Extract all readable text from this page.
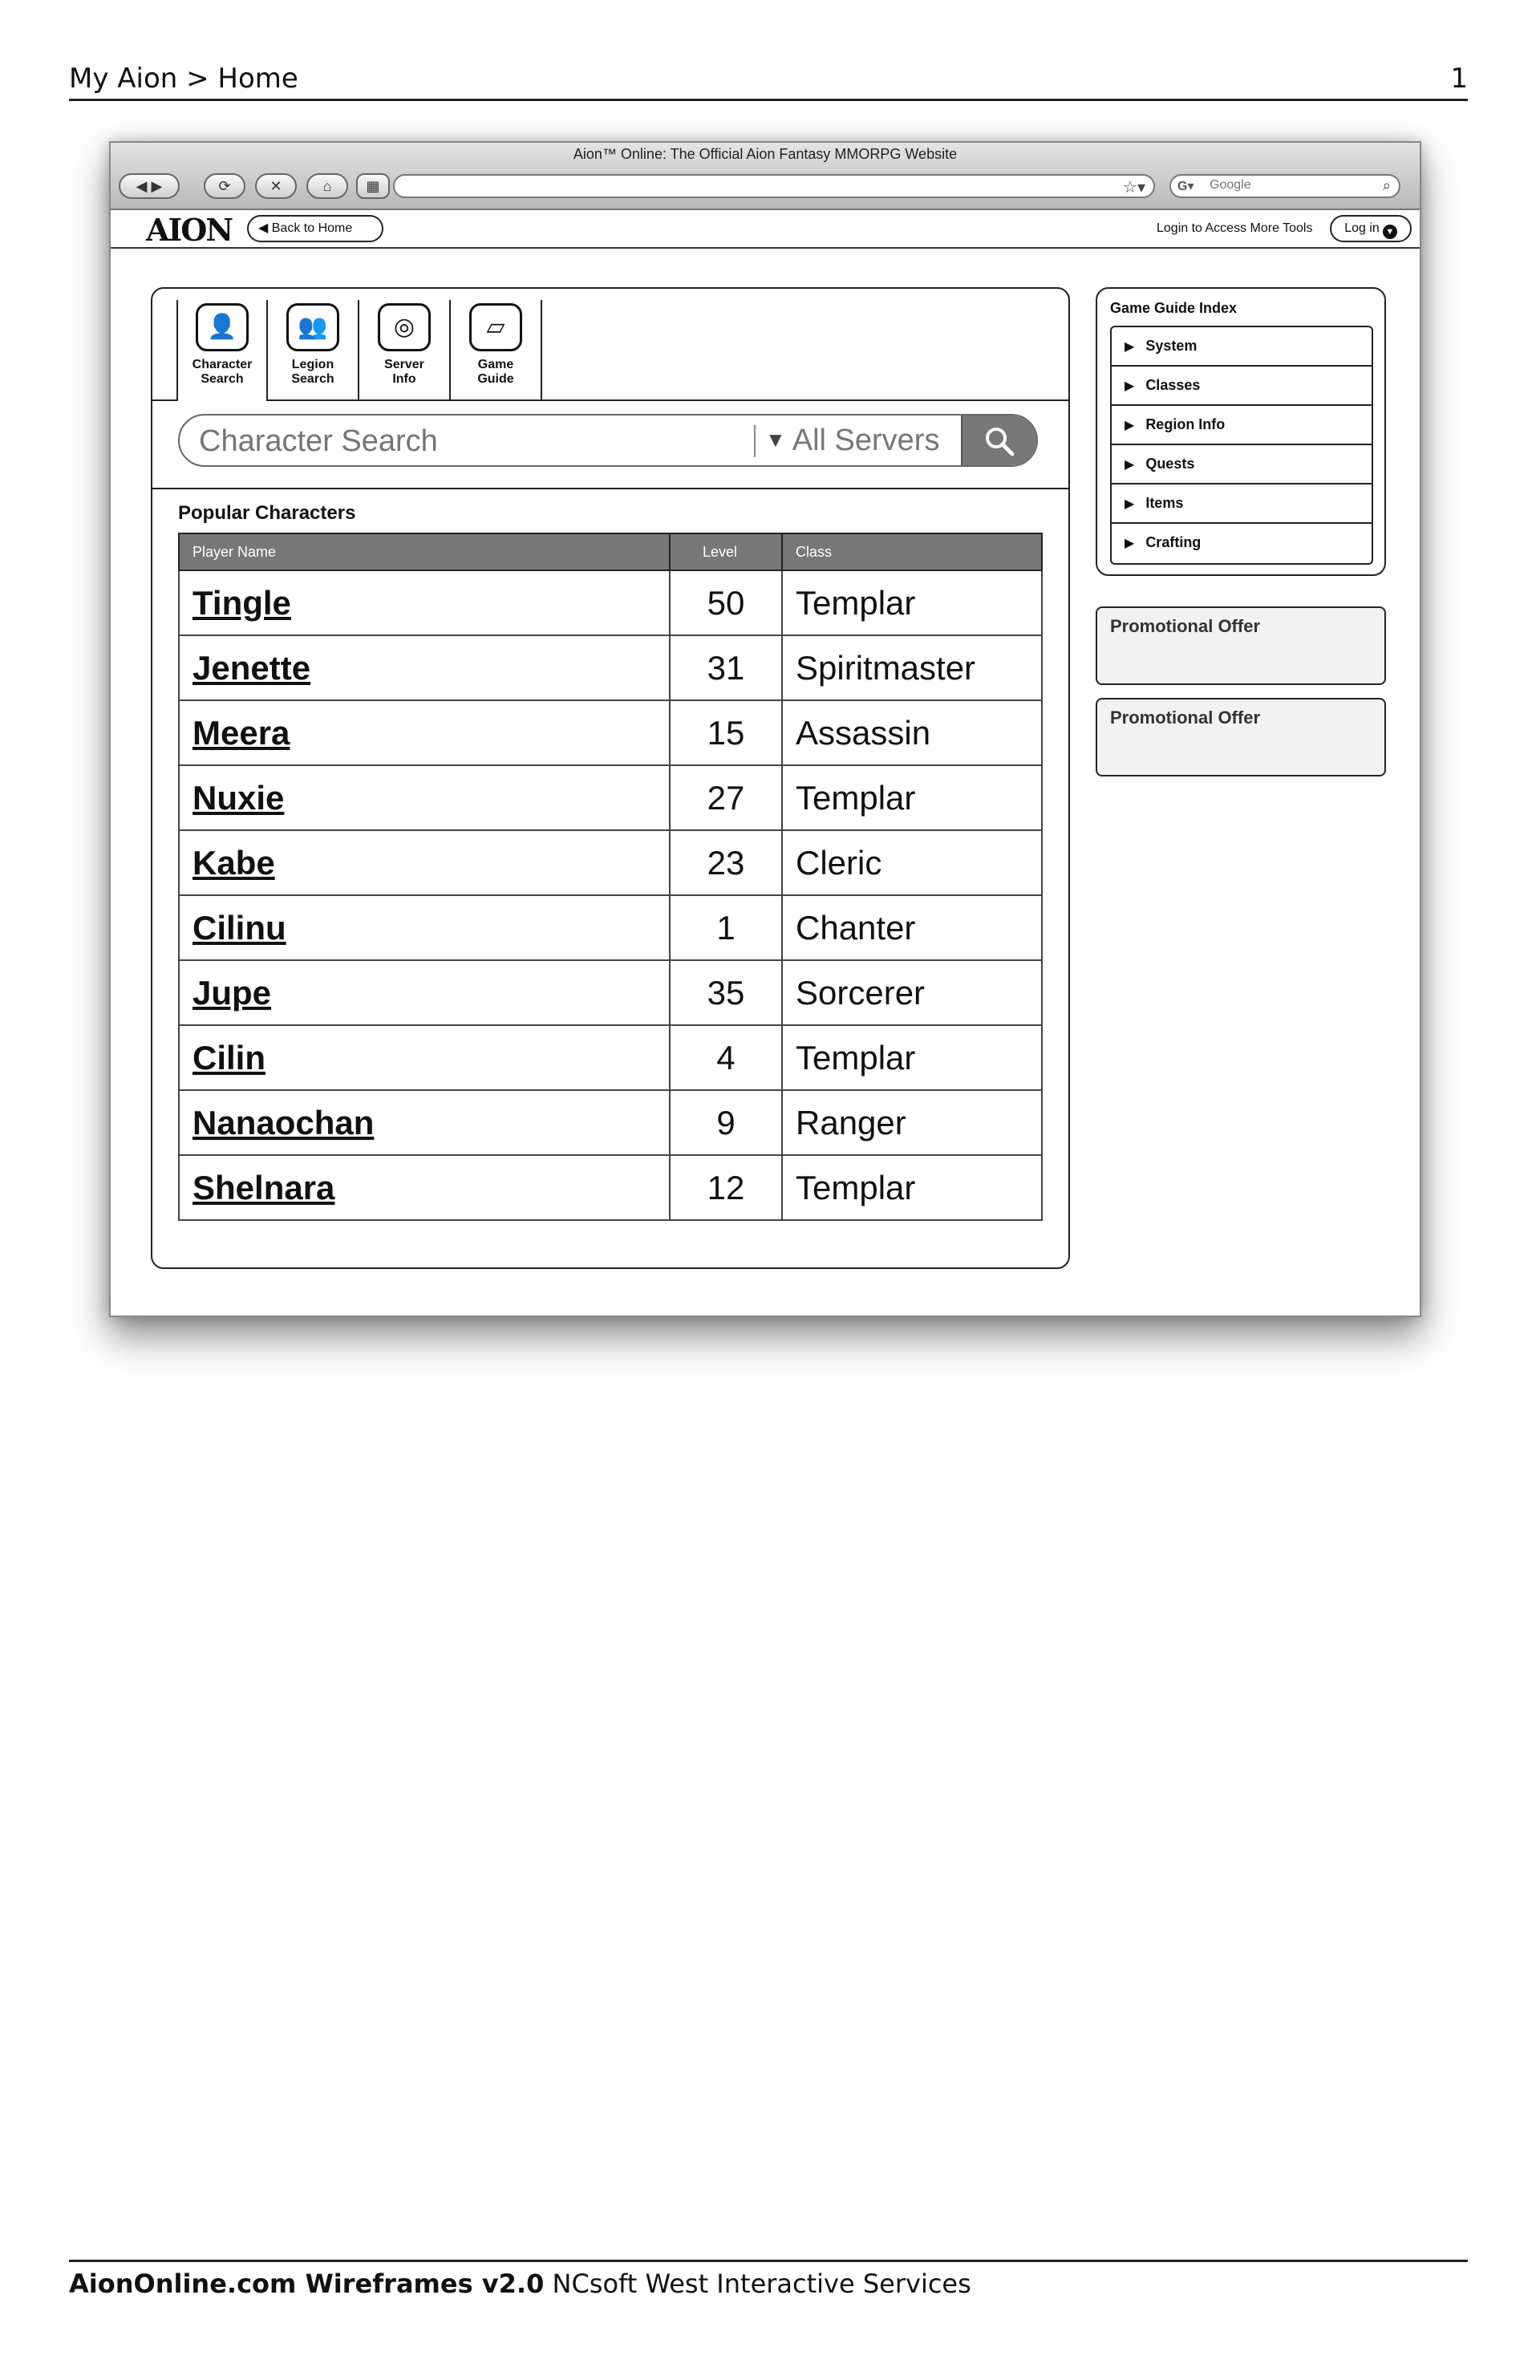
My Aion > Home	1
Aion™ Online: The Official Aion Fantasy MMORPG Website
◀ ▶	⟳	✕	⌂	▦	☆▾	G▾
Google	⌕
AION	◀ Back to Home	Login to Access More Tools	Log in ▼
👤
Character
Search
👥
Legion
Search
◎
Server
Info
▱
Game
Guide
Character Search
▼ All Servers
Popular Characters
Player Name	Level	Class
Tingle	50	Templar
Jenette	31	Spiritmaster
Meera	15	Assassin
Nuxie	27	Templar
Kabe	23	Cleric
Cilinu	1	Chanter
Jupe	35	Sorcerer
Cilin	4	Templar
Nanaochan	9	Ranger
Shelnara	12	Templar
Game Guide Index
▶ System
▶ Classes
▶ Region Info
▶ Quests
▶ Items
▶ Crafting
Promotional Offer
Promotional Offer
AionOnline.com Wireframes v2.0 NCsoft West Interactive Services
